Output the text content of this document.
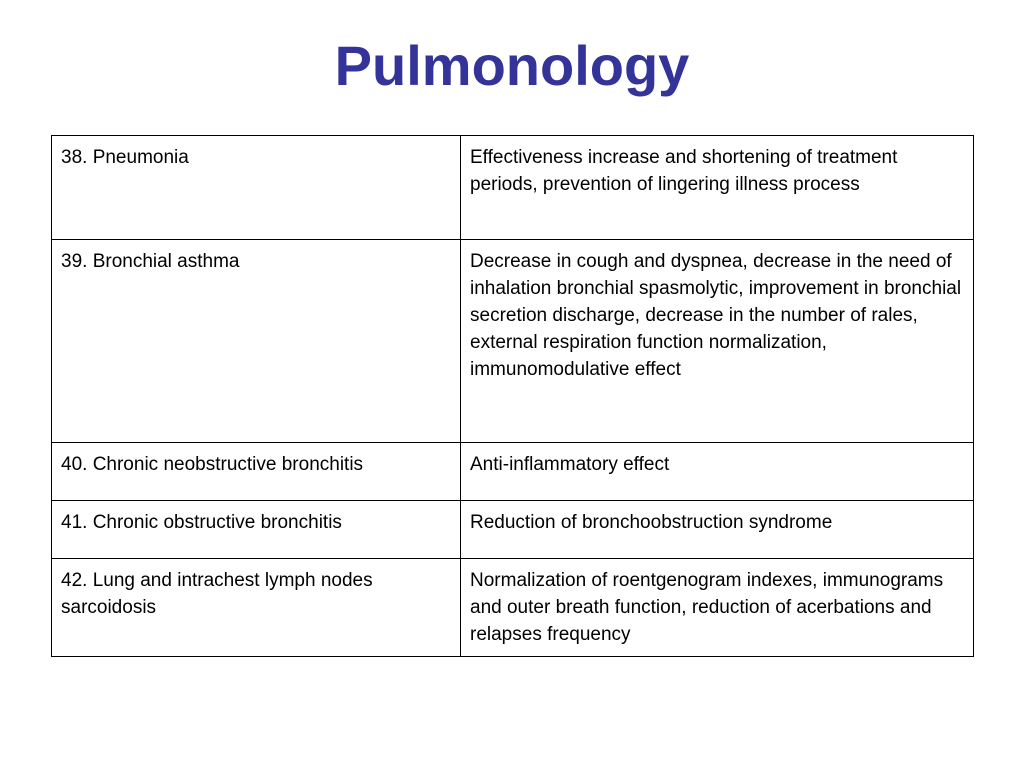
Pulmonology
38. Pneumonia	Effectiveness increase and shortening of treatment periods, prevention of lingering illness process
39. Bronchial asthma	Decrease in cough and dyspnea, decrease in the need of inhalation bronchial spasmolytic, improvement in bronchial secretion discharge, decrease in the number of rales, external respiration function normalization, immunomodulative effect
40. Chronic neobstructive bronchitis	Anti-inflammatory effect
41. Chronic obstructive bronchitis	Reduction of bronchoobstruction syndrome
42. Lung and intrachest lymph nodes sarcoidosis	Normalization of roentgenogram indexes, immunograms and outer breath function, reduction of acerbations and relapses frequency
